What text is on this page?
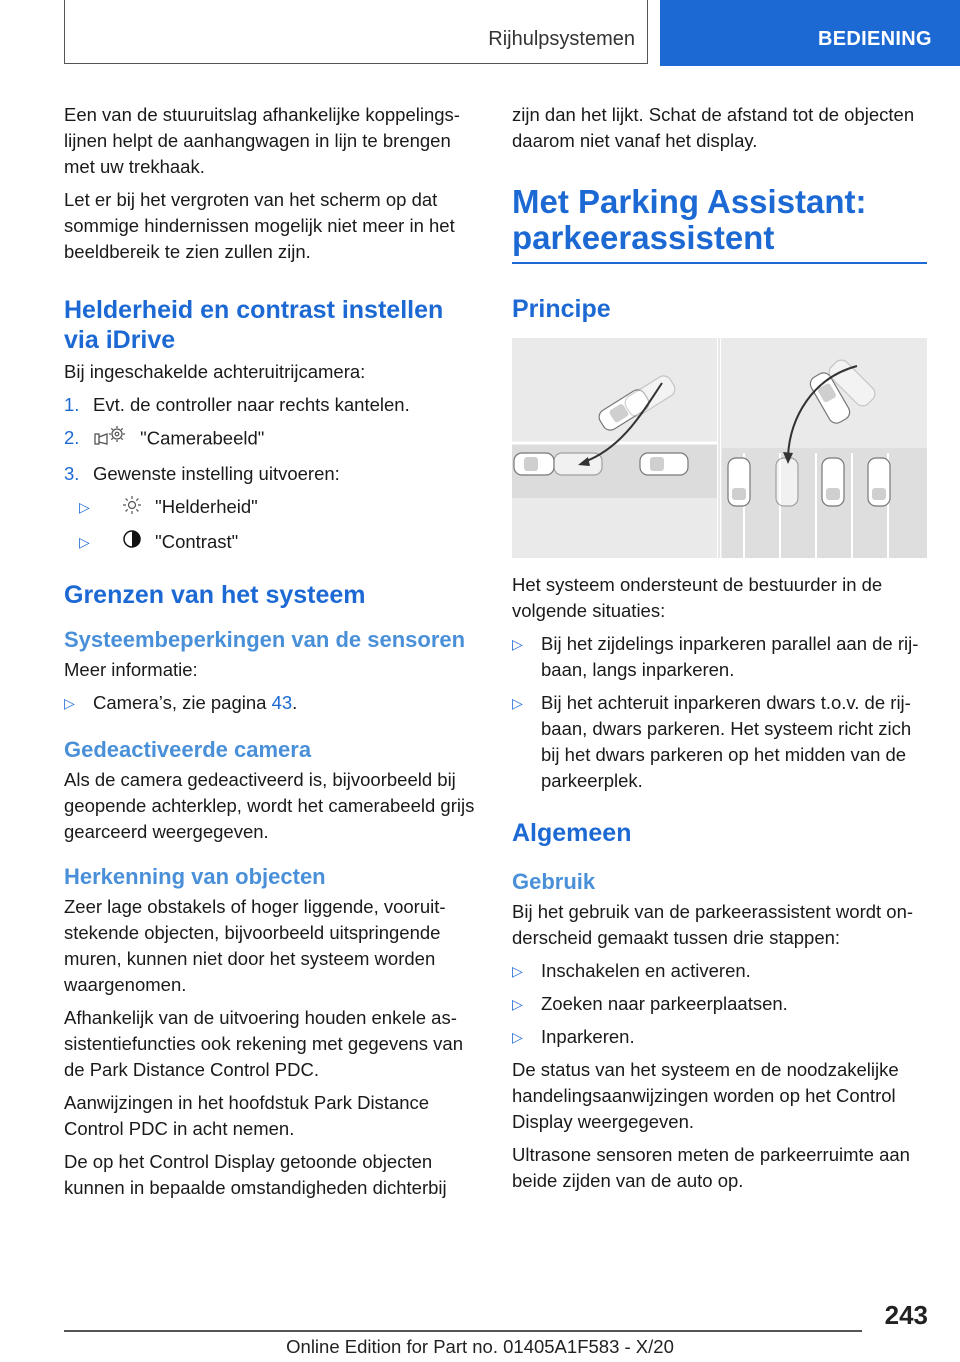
Rijhulpsystemen	BEDIENING

Een van de stuuruitslag afhankelijke koppelingslijnen helpt de aanhangwagen in lijn te brengen met uw trekhaak.

Let er bij het vergroten van het scherm op dat sommige hindernissen mogelijk niet meer in het beeldbereik te zien zullen zijn.

Helderheid en contrast instellen via iDrive

Bij ingeschakelde achteruitrijcamera:

1. Evt. de controller naar rechts kantelen.
2.	"Camerabeeld"
3. Gewenste instelling uitvoeren:
▷	"Helderheid"
▷	"Contrast"
Grenzen van het systeem
Systeembeperkingen van de sensoren

Meer informatie:

▷ Camera’s, zie pagina 43.
Gedeactiveerde camera

Als de camera gedeactiveerd is, bijvoorbeeld bij geopende achterklep, wordt het camerabeeld grijs gearceerd weergegeven.

Herkenning van objecten

Zeer lage obstakels of hoger liggende, vooruitstekende objecten, bijvoorbeeld uitspringende muren, kunnen niet door het systeem worden waargenomen.

Afhankelijk van de uitvoering houden enkele assistentiefuncties ook rekening met gegevens van de Park Distance Control PDC.

Aanwijzingen in het hoofdstuk Park Distance Control PDC in acht nemen.

De op het Control Display getoonde objecten kunnen in bepaalde omstandigheden dichterbij

zijn dan het lijkt. Schat de afstand tot de objecten daarom niet vanaf het display.

Met Parking Assistant: parkeerassistent
Principe

Het systeem ondersteunt de bestuurder in de volgende situaties:

▷ Bij het zijdelings inparkeren parallel aan de rijbaan, langs inparkeren.
▷ Bij het achteruit inparkeren dwars t.o.v. de rijbaan, dwars parkeren. Het systeem richt zich bij het dwars parkeren op het midden van de parkeerplek.
Algemeen
Gebruik

Bij het gebruik van de parkeerassistent wordt onderscheid gemaakt tussen drie stappen:

▷ Inschakelen en activeren.
▷ Zoeken naar parkeerplaatsen.
▷ Inparkeren.

De status van het systeem en de noodzakelijke handelingsaanwijzingen worden op het Control Display weergegeven.

Ultrasone sensoren meten de parkeerruimte aan beide zijden van de auto op.

243
Online Edition for Part no. 01405A1F583 - X/20
